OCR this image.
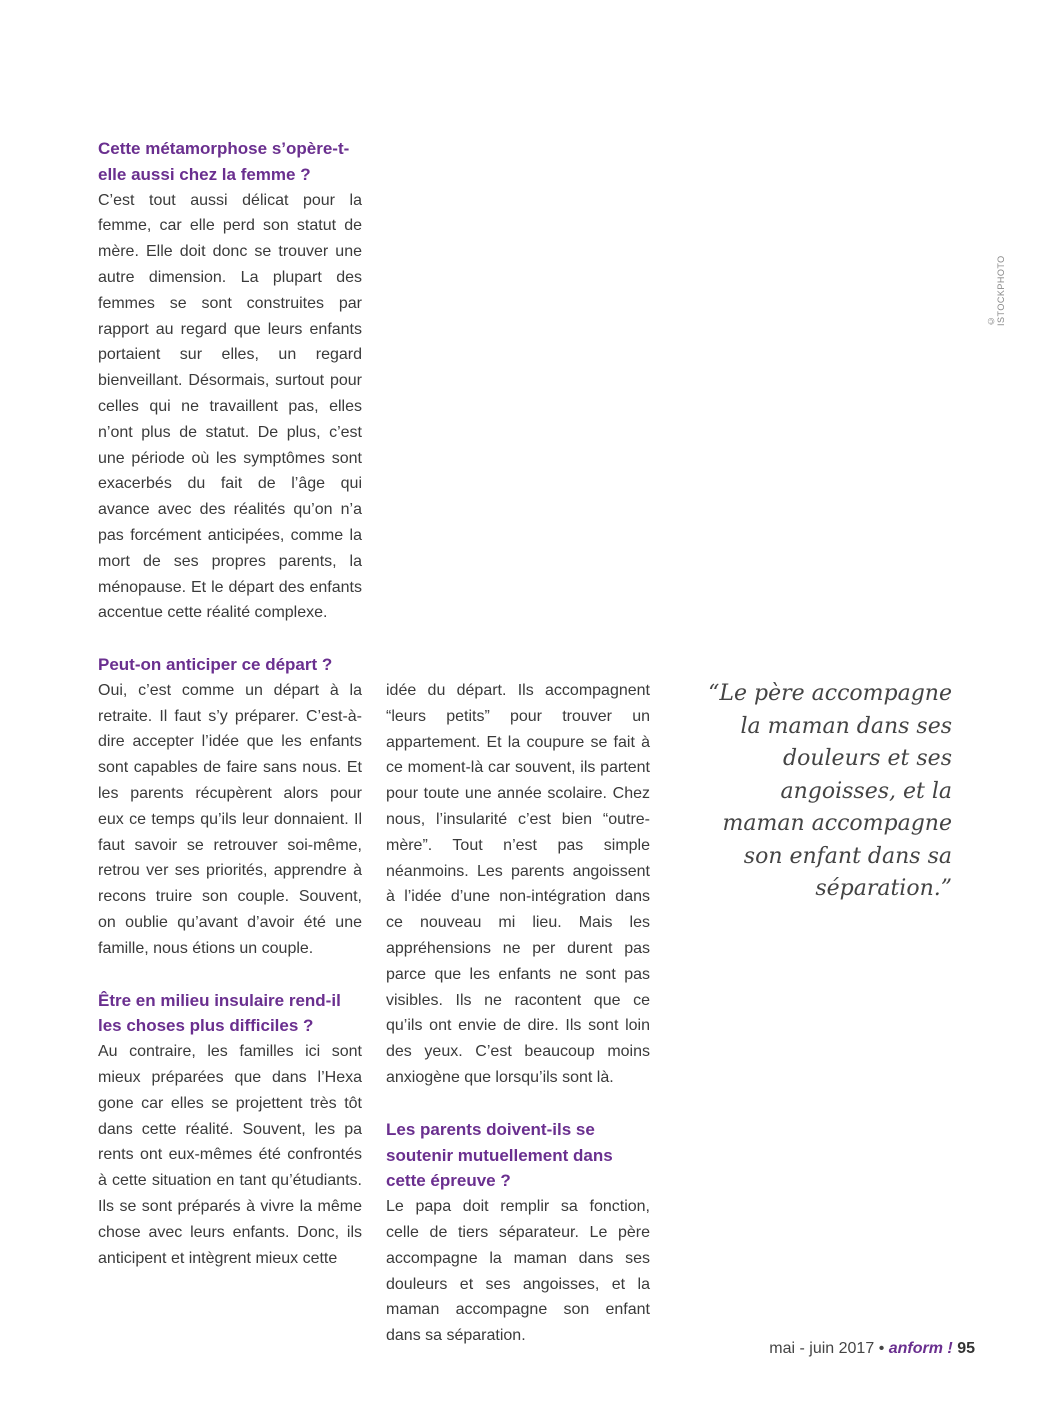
© ISTOCKPHOTO
Cette métamorphose s’opère-t-elle aussi chez la femme ?

C’est tout aussi délicat pour la femme, car elle perd son statut de mère. Elle doit donc se trouver une autre dimension. La plupart des femmes se sont construites par rapport au regard que leurs enfants portaient sur elles, un regard bienveillant. Désormais, surtout pour celles qui ne travaillent pas, elles n’ont plus de statut. De plus, c’est une période où les symptômes sont exacerbés du fait de l’âge qui avance avec des réalités qu’on n’a pas forcément anticipées, comme la mort de ses propres parents, la ménopause. Et le départ des enfants accentue cette réalité complexe.

Peut-on anticiper ce départ ?

Oui, c’est comme un départ à la retraite. Il faut s’y préparer. C’est-à-dire accepter l’idée que les enfants sont capables de faire sans nous. Et les parents récupèrent alors pour eux ce temps qu’ils leur donnaient. Il faut savoir se retrouver soi-même, retrou ver ses priorités, apprendre à recons truire son couple. Souvent, on oublie qu’avant d’avoir été une famille, nous étions un couple.

Être en milieu insulaire rend-il les choses plus difficiles ?

Au contraire, les familles ici sont mieux préparées que dans l’Hexa gone car elles se projettent très tôt dans cette réalité. Souvent, les pa rents ont eux-mêmes été confrontés à cette situation en tant qu’étudiants. Ils se sont préparés à vivre la même chose avec leurs enfants. Donc, ils anticipent et intègrent mieux cette

idée du départ. Ils accompagnent “leurs petits” pour trouver un appartement. Et la coupure se fait à ce moment-là car souvent, ils partent pour toute une année scolaire. Chez nous, l’insularité c’est bien “outre-mère”. Tout n’est pas simple néanmoins. Les parents angoissent à l’idée d’une non-intégration dans ce nouveau mi lieu. Mais les appréhensions ne per durent pas parce que les enfants ne sont pas visibles. Ils ne racontent que ce qu’ils ont envie de dire. Ils sont loin des yeux. C’est beaucoup moins anxiogène que lorsqu’ils sont là.

Les parents doivent-ils se soutenir mutuellement dans cette épreuve ?

Le papa doit remplir sa fonction, celle de tiers séparateur. Le père accompagne la maman dans ses douleurs et ses angoisses, et la maman accompagne son enfant dans sa séparation.

“Le père accompagne la maman dans ses douleurs et ses angoisses, et la maman accompagne son enfant dans sa séparation.”
mai - juin 2017 • anform ! 95
